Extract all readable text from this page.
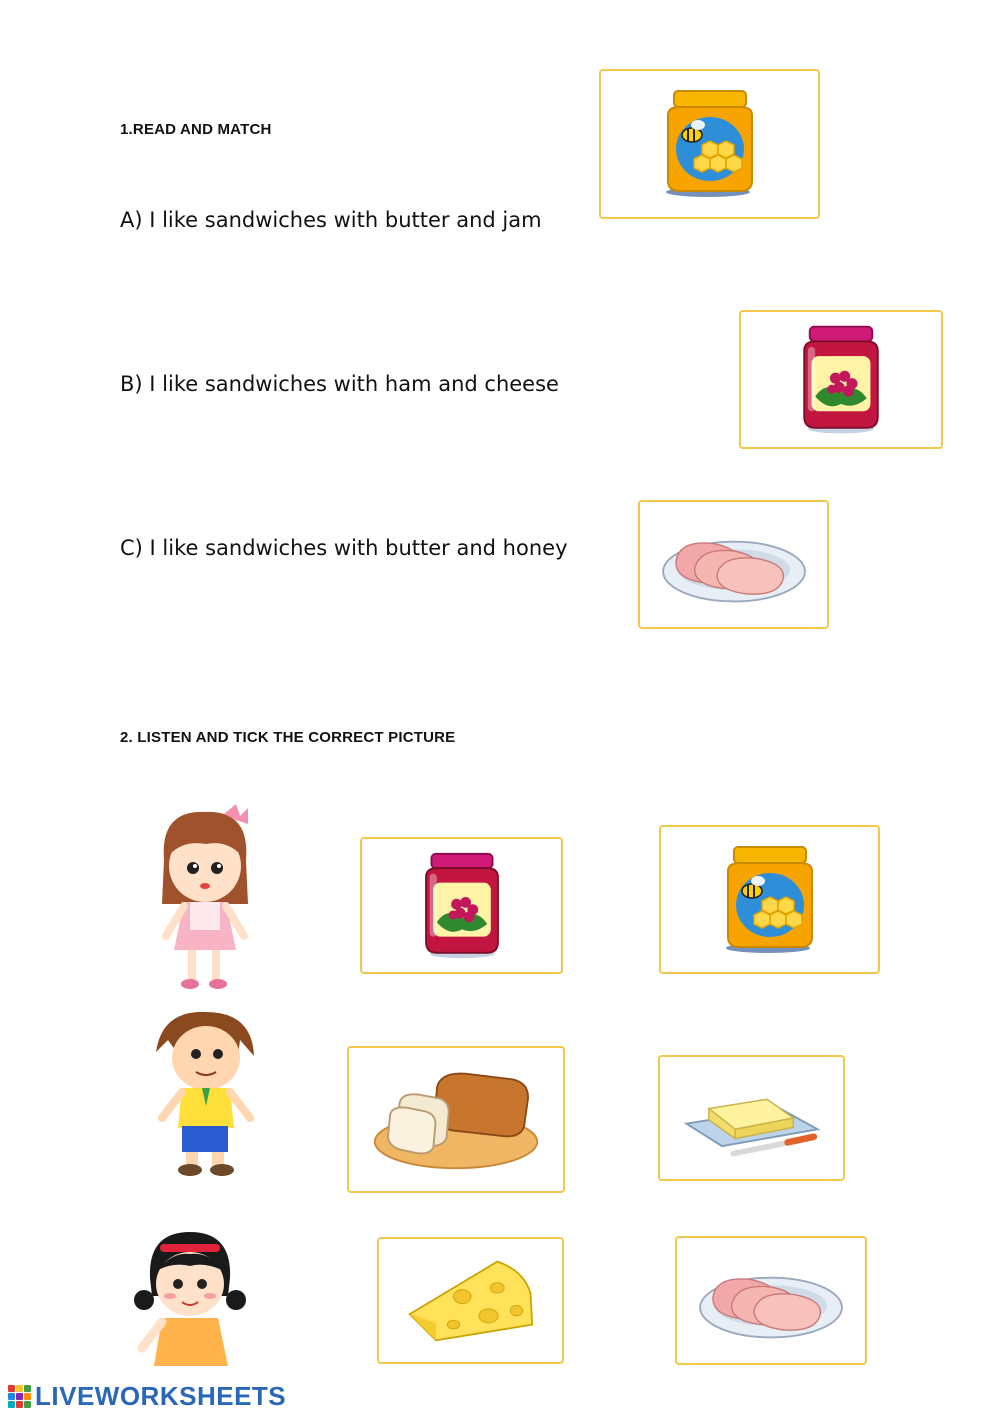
1.READ AND MATCH
A) I like sandwiches with butter and jam
B) I like sandwiches with ham and cheese
C) I like sandwiches with butter and honey
2. LISTEN AND TICK THE CORRECT PICTURE
LIVEWORKSHEETS
